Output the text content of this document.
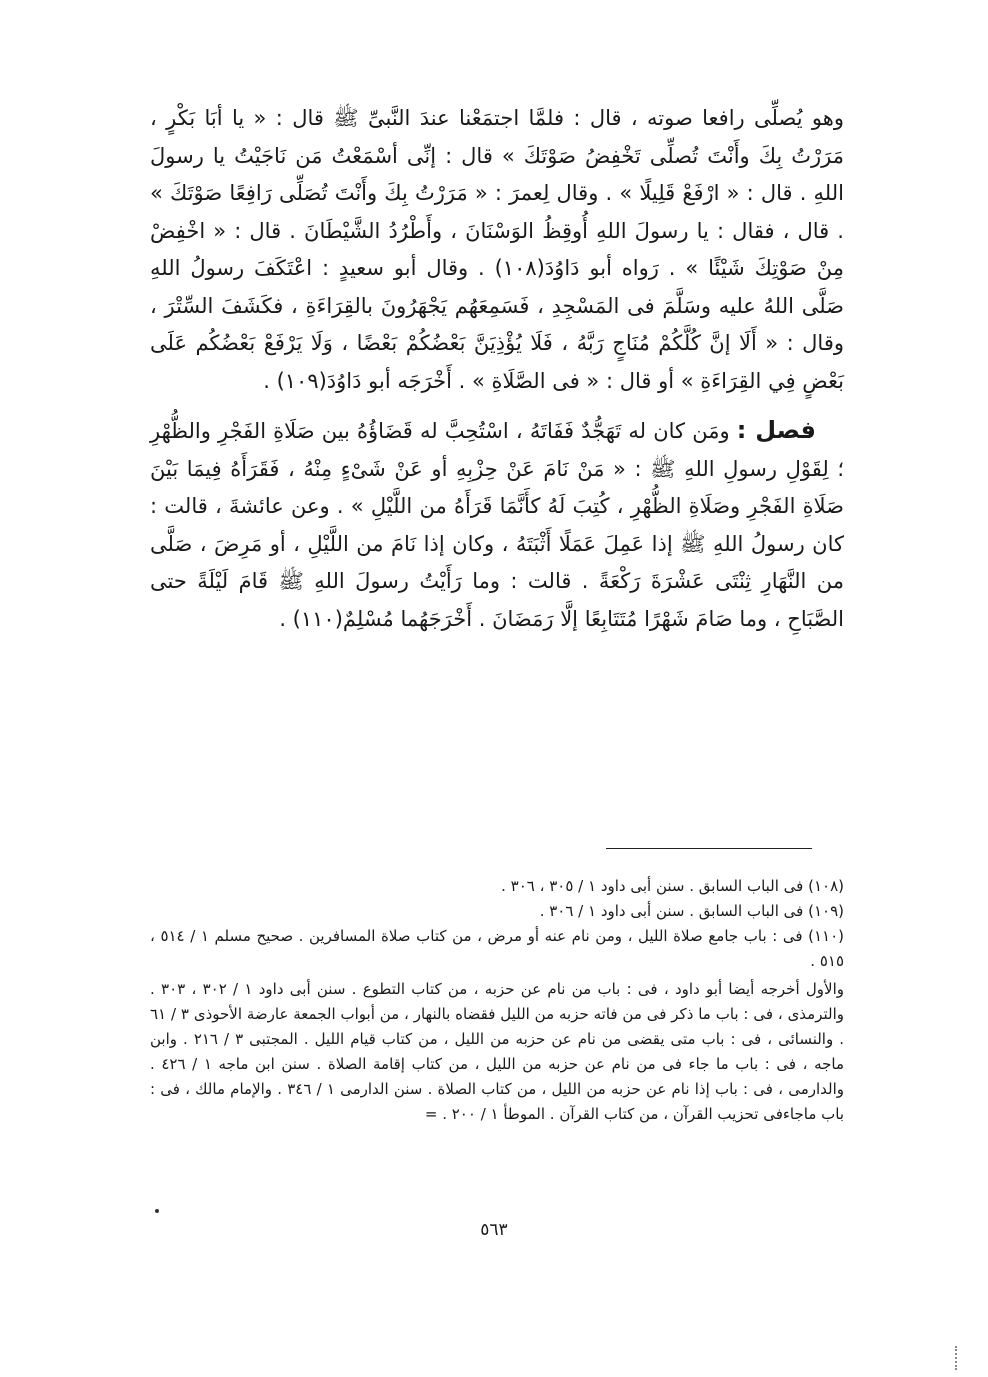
وهو يُصلِّى رافعا صوته ، قال : فلمَّا اجتمَعْنا عندَ النَّبىِّ ﷺ قال : « يا أبَا بَكْرٍ ، مَرَرْتُ بِكَ وأَنْتَ تُصلِّى تَخْفِضُ صَوْتَكَ » قال : إنِّى أسْمَعْتُ مَن نَاجَيْتُ يا رسولَ اللهِ . قال : « ارْفَعْ قَلِيلًا » . وقال لِعمرَ : « مَرَرْتُ بِكَ وأَنْتَ تُصَلِّى رَافِعًا صَوْتَكَ » . قال ، فقال : يا رسولَ اللهِ أُوقِظُ الوَسْنَانَ ، وأَطْرُدُ الشَّيْطَانَ . قال : « اخْفِضْ مِنْ صَوْتِكَ شَيْئًا » . رَواه أبو دَاوُدَ(١٠٨) . وقال أبو سعيدٍ : اعْتَكَفَ رسولُ اللهِ صَلَّى اللهُ عليه وسَلَّمَ فى المَسْجِدِ ، فَسَمِعَهُم يَجْهَرُونَ بالقِرَاءَةِ ، فكَشَفَ السِّتْرَ ، وقال : « أَلَا إنَّ كُلَّكُمْ مُنَاجٍ رَبَّهُ ، فَلَا يُؤْذِيَنَّ بَعْضُكُمْ بَعْضًا ، وَلَا يَرْفَعْ بَعْضُكُم عَلَى بَعْضٍ فِي القِرَاءَةِ » أو قال : « فى الصَّلَاةِ » . أَخْرَجَه أبو دَاوُدَ(١٠٩) .

فصل : ومَن كان له تَهَجُّدٌ فَفَاتَهُ ، اسْتُحِبَّ له قَضَاؤُهُ بين صَلَاةِ الفَجْرِ والظُّهْرِ ؛ لِقَوْلِ رسولِ اللهِ ﷺ : « مَنْ نَامَ عَنْ حِزْبِهِ أو عَنْ شَىْءٍ مِنْهُ ، فَقَرَأَهُ فِيمَا بَيْنَ صَلَاةِ الفَجْرِ وصَلَاةِ الظُّهْرِ ، كُتِبَ لَهُ كأَنَّمَا قَرَأَهُ من اللَّيْلِ » . وعن عائشةَ ، قالت : كان رسولُ اللهِ ﷺ إذا عَمِلَ عَمَلًا أَثْبَتَهُ ، وكان إذا نَامَ من اللَّيْلِ ، أو مَرِضَ ، صَلَّى من النَّهَارِ ثِنْتَى عَشْرَةَ رَكْعَةً . قالت : وما رَأَيْتُ رسولَ اللهِ ﷺ قَامَ لَيْلَةً حتى الصَّبَاحِ ، وما صَامَ شَهْرًا مُتَتَابِعًا إلَّا رَمَضَانَ . أَخْرَجَهُما مُسْلِمٌ(١١٠) .

(١٠٨) فى الباب السابق . سنن أبى داود ١ / ٣٠٥ ، ٣٠٦ .

(١٠٩) فى الباب السابق . سنن أبى داود ١ / ٣٠٦ .

(١١٠) فى : باب جامع صلاة الليل ، ومن نام عنه أو مرض ، من كتاب صلاة المسافرين . صحيح مسلم ١ / ٥١٤ ، ٥١٥ .

والأول أخرجه أيضا أبو داود ، فى : باب من نام عن حزبه ، من كتاب التطوع . سنن أبى داود ١ / ٣٠٢ ، ٣٠٣ . والترمذى ، فى : باب ما ذكر فى من فاته حزبه من الليل فقضاه بالنهار ، من أبواب الجمعة عارضة الأحوذى ٣ / ٦١ . والنسائى ، فى : باب متى يقضى من نام عن حزبه من الليل ، من كتاب قيام الليل . المجتبى ٣ / ٢١٦ . وابن ماجه ، فى : باب ما جاء فى من نام عن حزبه من الليل ، من كتاب إقامة الصلاة . سنن ابن ماجه ١ / ٤٢٦ . والدارمى ، فى : باب إذا نام عن حزبه من الليل ، من كتاب الصلاة . سنن الدارمى ١ / ٣٤٦ . والإمام مالك ، فى : باب ماجاءفى تحزيب القرآن ، من كتاب القرآن . الموطأ ١ / ٢٠٠ . =

٥٦٣
